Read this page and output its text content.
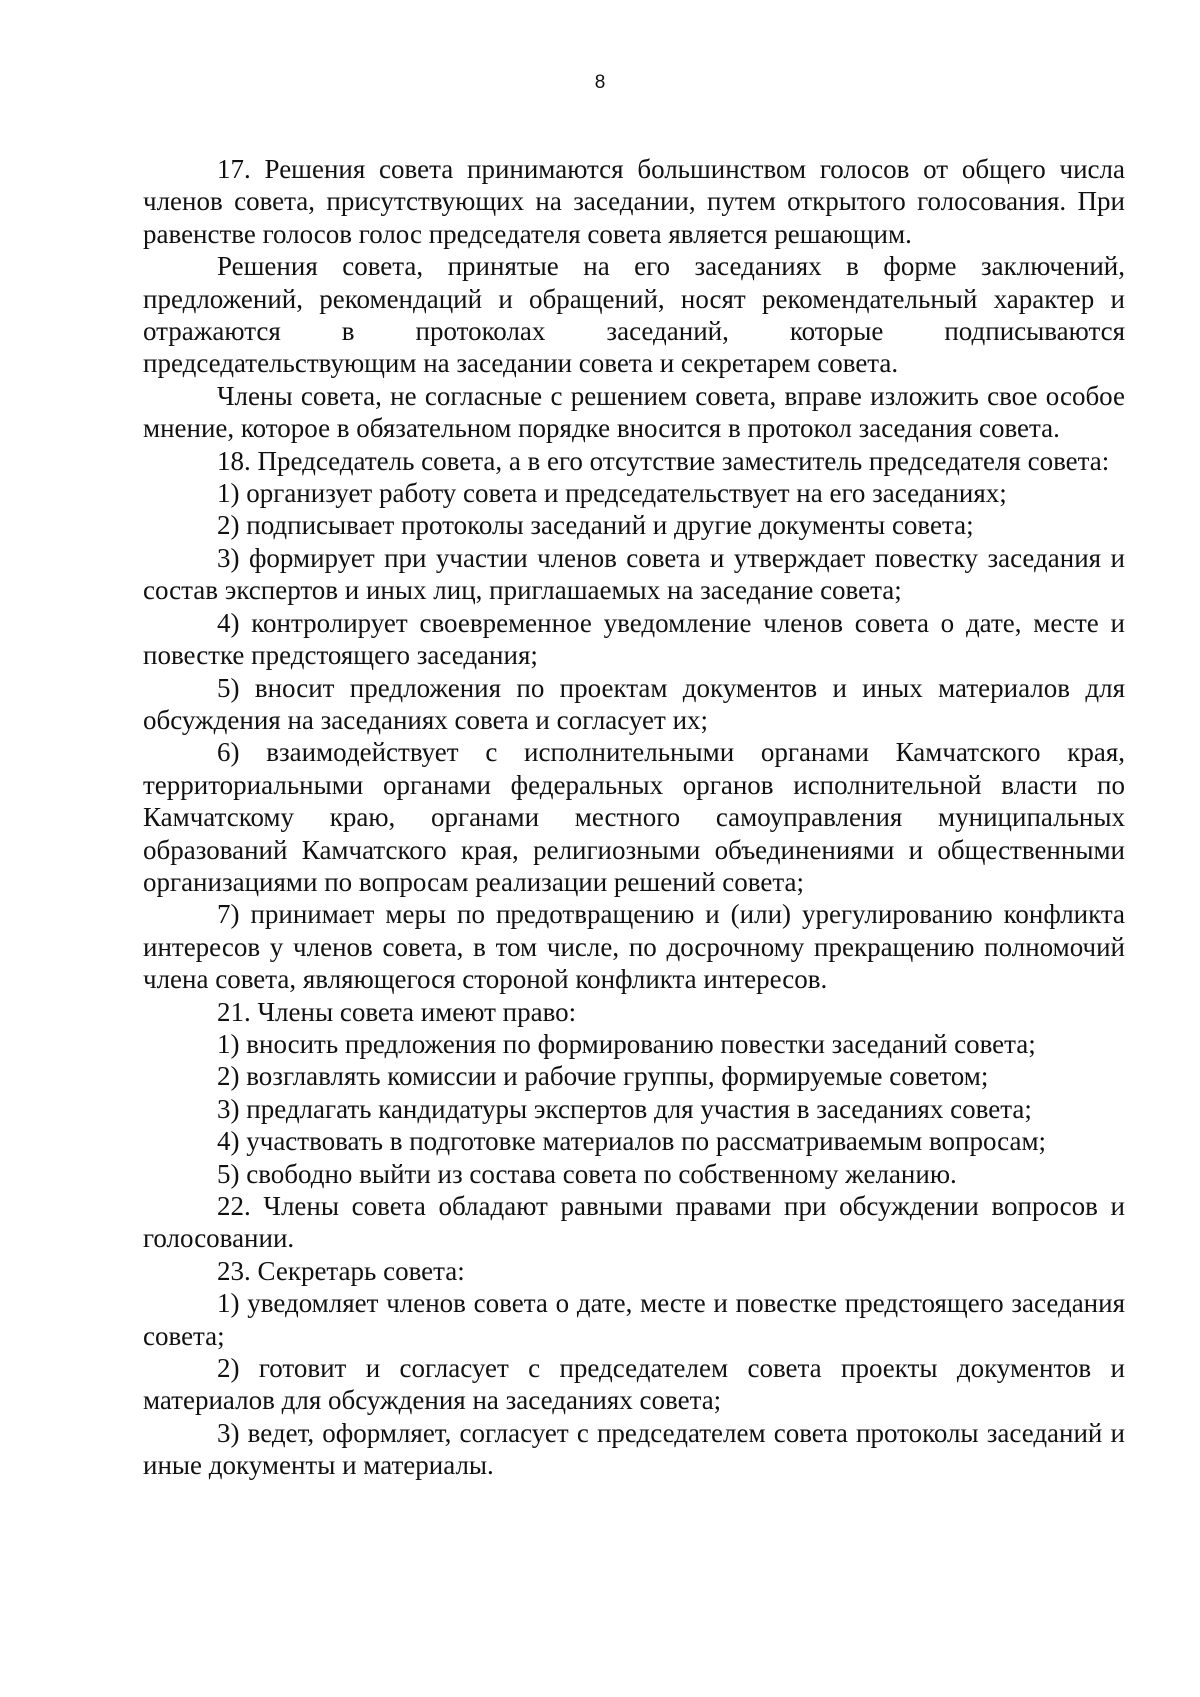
8

17. Решения совета принимаются большинством голосов от общего числа членов совета, присутствующих на заседании, путем открытого голосования. При равенстве голосов голос председателя совета является решающим.

Решения совета, принятые на его заседаниях в форме заключений, предложений, рекомендаций и обращений, носят рекомендательный характер и отражаются в протоколах заседаний, которые подписываются председательствующим на заседании совета и секретарем совета.

Члены совета, не согласные с решением совета, вправе изложить свое особое мнение, которое в обязательном порядке вносится в протокол заседания совета.

18. Председатель совета, а в его отсутствие заместитель председателя совета:

1) организует работу совета и председательствует на его заседаниях;

2) подписывает протоколы заседаний и другие документы совета;

3) формирует при участии членов совета и утверждает повестку заседания и состав экспертов и иных лиц, приглашаемых на заседание совета;

4) контролирует своевременное уведомление членов совета о дате, месте и повестке предстоящего заседания;

5) вносит предложения по проектам документов и иных материалов для обсуждения на заседаниях совета и согласует их;

6) взаимодействует с исполнительными органами Камчатского края, территориальными органами федеральных органов исполнительной власти по Камчатскому краю, органами местного самоуправления муниципальных образований Камчатского края, религиозными объединениями и общественными организациями по вопросам реализации решений совета;

7) принимает меры по предотвращению и (или) урегулированию конфликта интересов у членов совета, в том числе, по досрочному прекращению полномочий члена совета, являющегося стороной конфликта интересов.

21. Члены совета имеют право:

1) вносить предложения по формированию повестки заседаний совета;

2) возглавлять комиссии и рабочие группы, формируемые советом;

3) предлагать кандидатуры экспертов для участия в заседаниях совета;

4) участвовать в подготовке материалов по рассматриваемым вопросам;

5) свободно выйти из состава совета по собственному желанию.

22. Члены совета обладают равными правами при обсуждении вопросов и голосовании.

23. Секретарь совета:

1) уведомляет членов совета о дате, месте и повестке предстоящего заседания совета;

2) готовит и согласует с председателем совета проекты документов и материалов для обсуждения на заседаниях совета;

3) ведет, оформляет, согласует с председателем совета протоколы заседаний и иные документы и материалы.
